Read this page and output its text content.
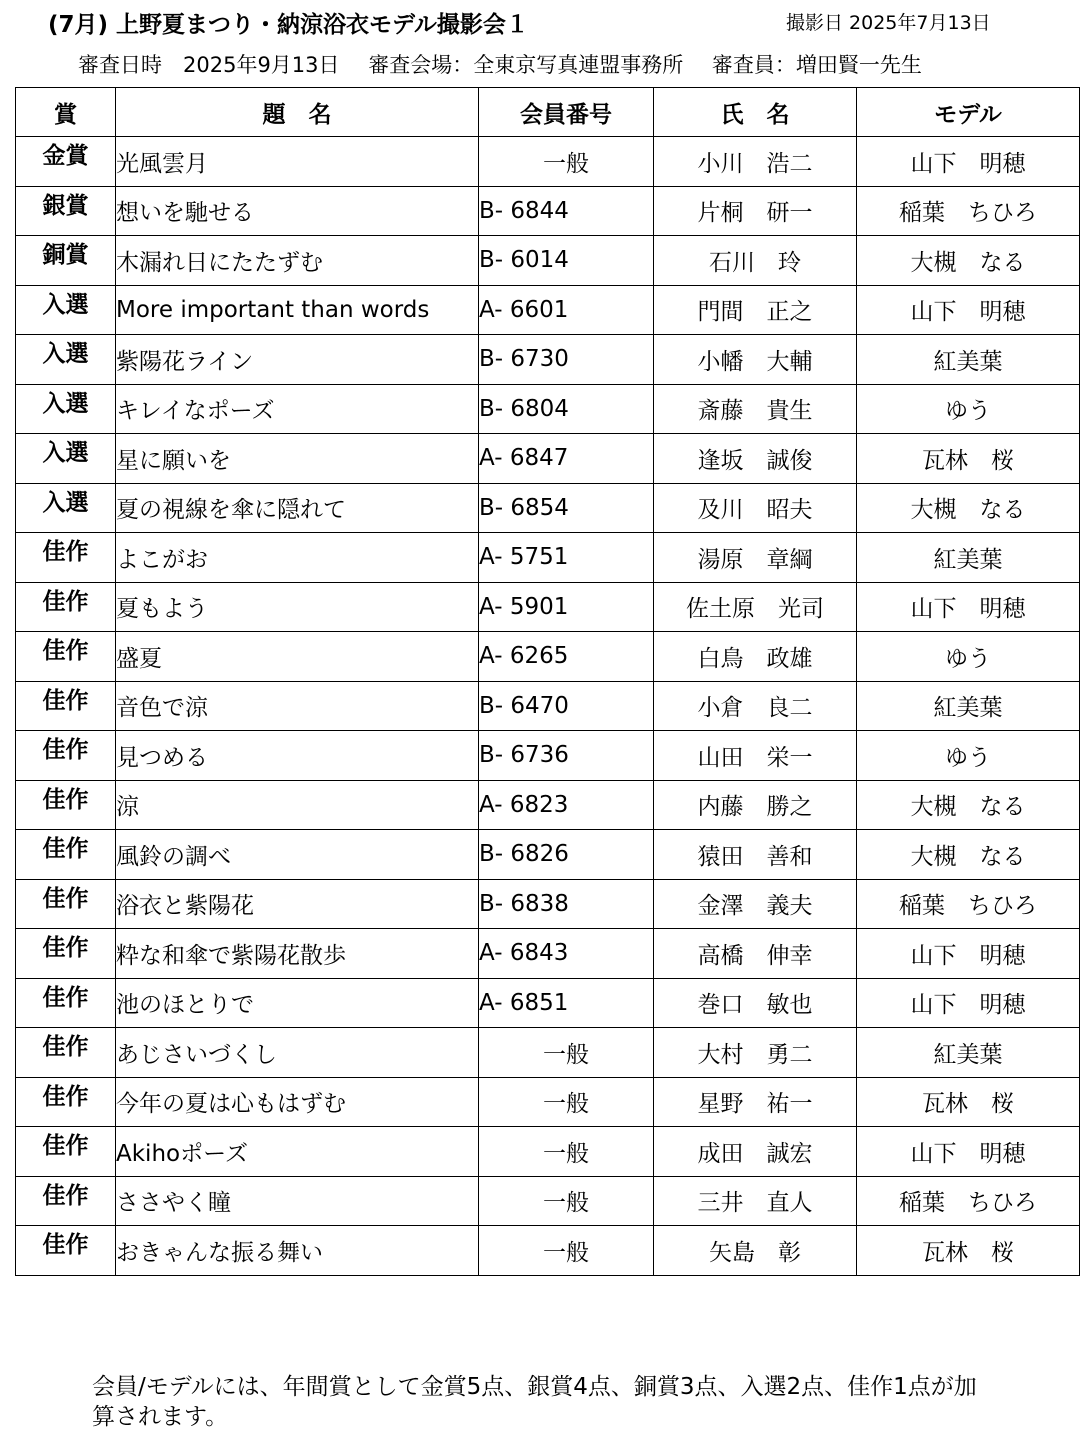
(7月) 上野夏まつり・納涼浴衣モデル撮影会１	撮影日 2025年7月13日
審査日時　2025年9月13日 審査会場：全東京写真連盟事務所 審査員：増田賢一先生
賞	題　名	会員番号	氏　名	モデル
金賞	光風雲月	一般	小川　浩二	山下　明穂
銀賞	想いを馳せる	B- 6844	片桐　研一	稲葉　ちひろ
銅賞	木漏れ日にたたずむ	B- 6014	石川　玲	大槻　なる
入選	More important than words	A- 6601	門間　正之	山下　明穂
入選	紫陽花ライン	B- 6730	小幡　大輔	紅美葉
入選	キレイなポーズ	B- 6804	斎藤　貴生	ゆう
入選	星に願いを	A- 6847	逢坂　誠俊	瓦林　桜
入選	夏の視線を傘に隠れて	B- 6854	及川　昭夫	大槻　なる
佳作	よこがお	A- 5751	湯原　章綱	紅美葉
佳作	夏もよう	A- 5901	佐土原　光司	山下　明穂
佳作	盛夏	A- 6265	白鳥　政雄	ゆう
佳作	音色で涼	B- 6470	小倉　良二	紅美葉
佳作	見つめる	B- 6736	山田　栄一	ゆう
佳作	涼	A- 6823	内藤　勝之	大槻　なる
佳作	風鈴の調べ	B- 6826	猿田　善和	大槻　なる
佳作	浴衣と紫陽花	B- 6838	金澤　義夫	稲葉　ちひろ
佳作	粋な和傘で紫陽花散歩	A- 6843	高橋　伸幸	山下　明穂
佳作	池のほとりで	A- 6851	巻口　敏也	山下　明穂
佳作	あじさいづくし	一般	大村　勇二	紅美葉
佳作	今年の夏は心もはずむ	一般	星野　祐一	瓦林　桜
佳作	Akihoポーズ	一般	成田　誠宏	山下　明穂
佳作	ささやく瞳	一般	三井　直人	稲葉　ちひろ
佳作	おきゃんな振る舞い	一般	矢島　彰	瓦林　桜
会員/モデルには、年間賞として金賞5点、銀賞4点、銅賞3点、入選2点、佳作1点が加算されます。
